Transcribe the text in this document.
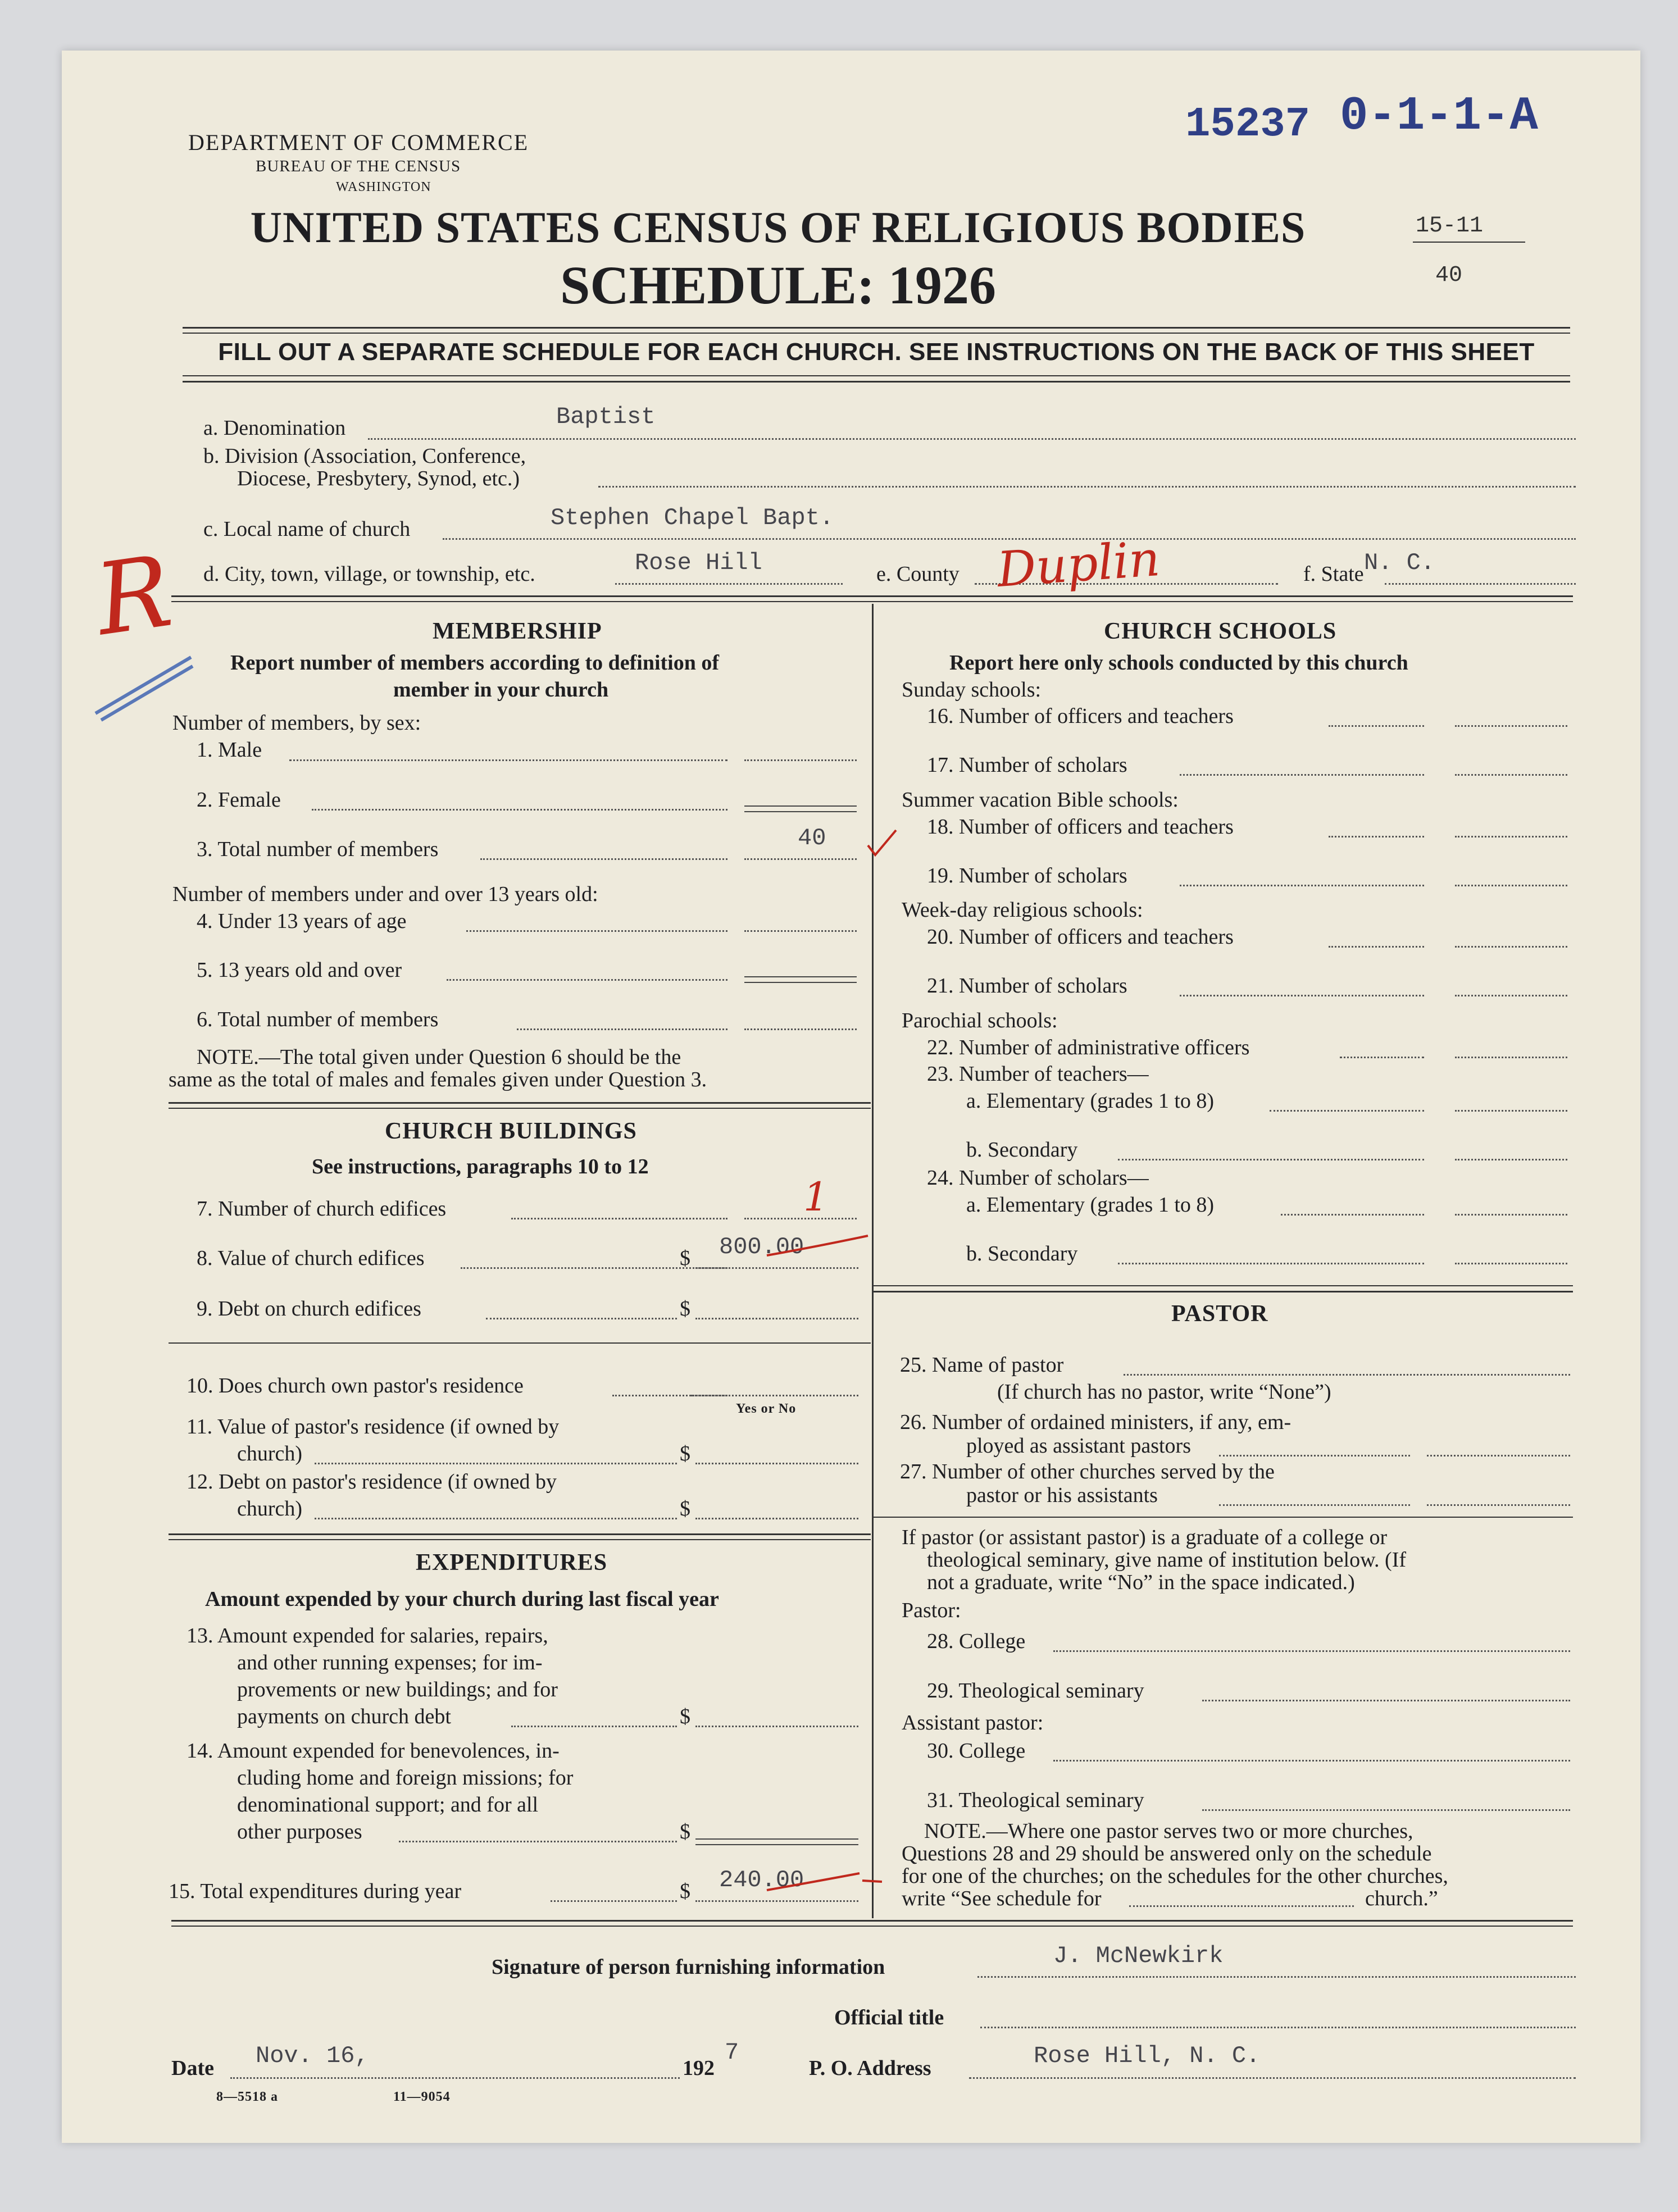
DEPARTMENT OF COMMERCE
BUREAU OF THE CENSUS
WASHINGTON
15237 0-1-1-A
UNITED STATES CENSUS OF RELIGIOUS BODIES
SCHEDULE: 1926
15-11
40
FILL OUT A SEPARATE SCHEDULE FOR EACH CHURCH. SEE INSTRUCTIONS ON THE BACK OF THIS SHEET
a. Denomination	Baptist
b. Division (Association, Conference,
Diocese, Presbytery, Synod, etc.)
c. Local name of church	Stephen Chapel Bapt.
R d. City, town, village, or township, etc.	Rose Hill	e. County Duplin	f. State N. C.
MEMBERSHIP
Report number of members according to definition of
member in your church
Number of members, by sex:
1. Male
2. Female
3. Total number of members	40
Number of members under and over 13 years old:
4. Under 13 years of age
5. 13 years old and over
6. Total number of members
NOTE.—The total given under Question 6 should be the
same as the total of males and females given under Question 3.
CHURCH BUILDINGS
See instructions, paragraphs 10 to 12
7. Number of church edifices	1
8. Value of church edifices	$ 800.00
9. Debt on church edifices	$
10. Does church own pastor's residence
Yes or No
11. Value of pastor's residence (if owned by
church)	$
12. Debt on pastor's residence (if owned by
church)	$
EXPENDITURES
Amount expended by your church during last fiscal year
13. Amount expended for salaries, repairs,
and other running expenses; for im-
provements or new buildings; and for
payments on church debt	$
14. Amount expended for benevolences, in-
cluding home and foreign missions; for
denominational support; and for all
other purposes	$
15. Total expenditures during year	$ 240.00
CHURCH SCHOOLS
Report here only schools conducted by this church
Sunday schools:
16. Number of officers and teachers
17. Number of scholars
Summer vacation Bible schools:
18. Number of officers and teachers
19. Number of scholars
Week-day religious schools:
20. Number of officers and teachers
21. Number of scholars
Parochial schools:
22. Number of administrative officers
23. Number of teachers—
a. Elementary (grades 1 to 8)
b. Secondary
24. Number of scholars—
a. Elementary (grades 1 to 8)
b. Secondary
PASTOR
25. Name of pastor
(If church has no pastor, write “None”)
26. Number of ordained ministers, if any, em-
ployed as assistant pastors
27. Number of other churches served by the
pastor or his assistants
If pastor (or assistant pastor) is a graduate of a college or
theological seminary, give name of institution below. (If
not a graduate, write “No” in the space indicated.)
Pastor:
28. College
29. Theological seminary
Assistant pastor:
30. College
31. Theological seminary
NOTE.—Where one pastor serves two or more churches,
Questions 28 and 29 should be answered only on the schedule
for one of the churches; on the schedules for the other churches,
write “See schedule for	church.”
Signature of person furnishing information	J. McNewkirk
Official title
Date Nov. 16,	192
7
P. O. Address	Rose Hill, N. C.
8—5518 a	11—9054
